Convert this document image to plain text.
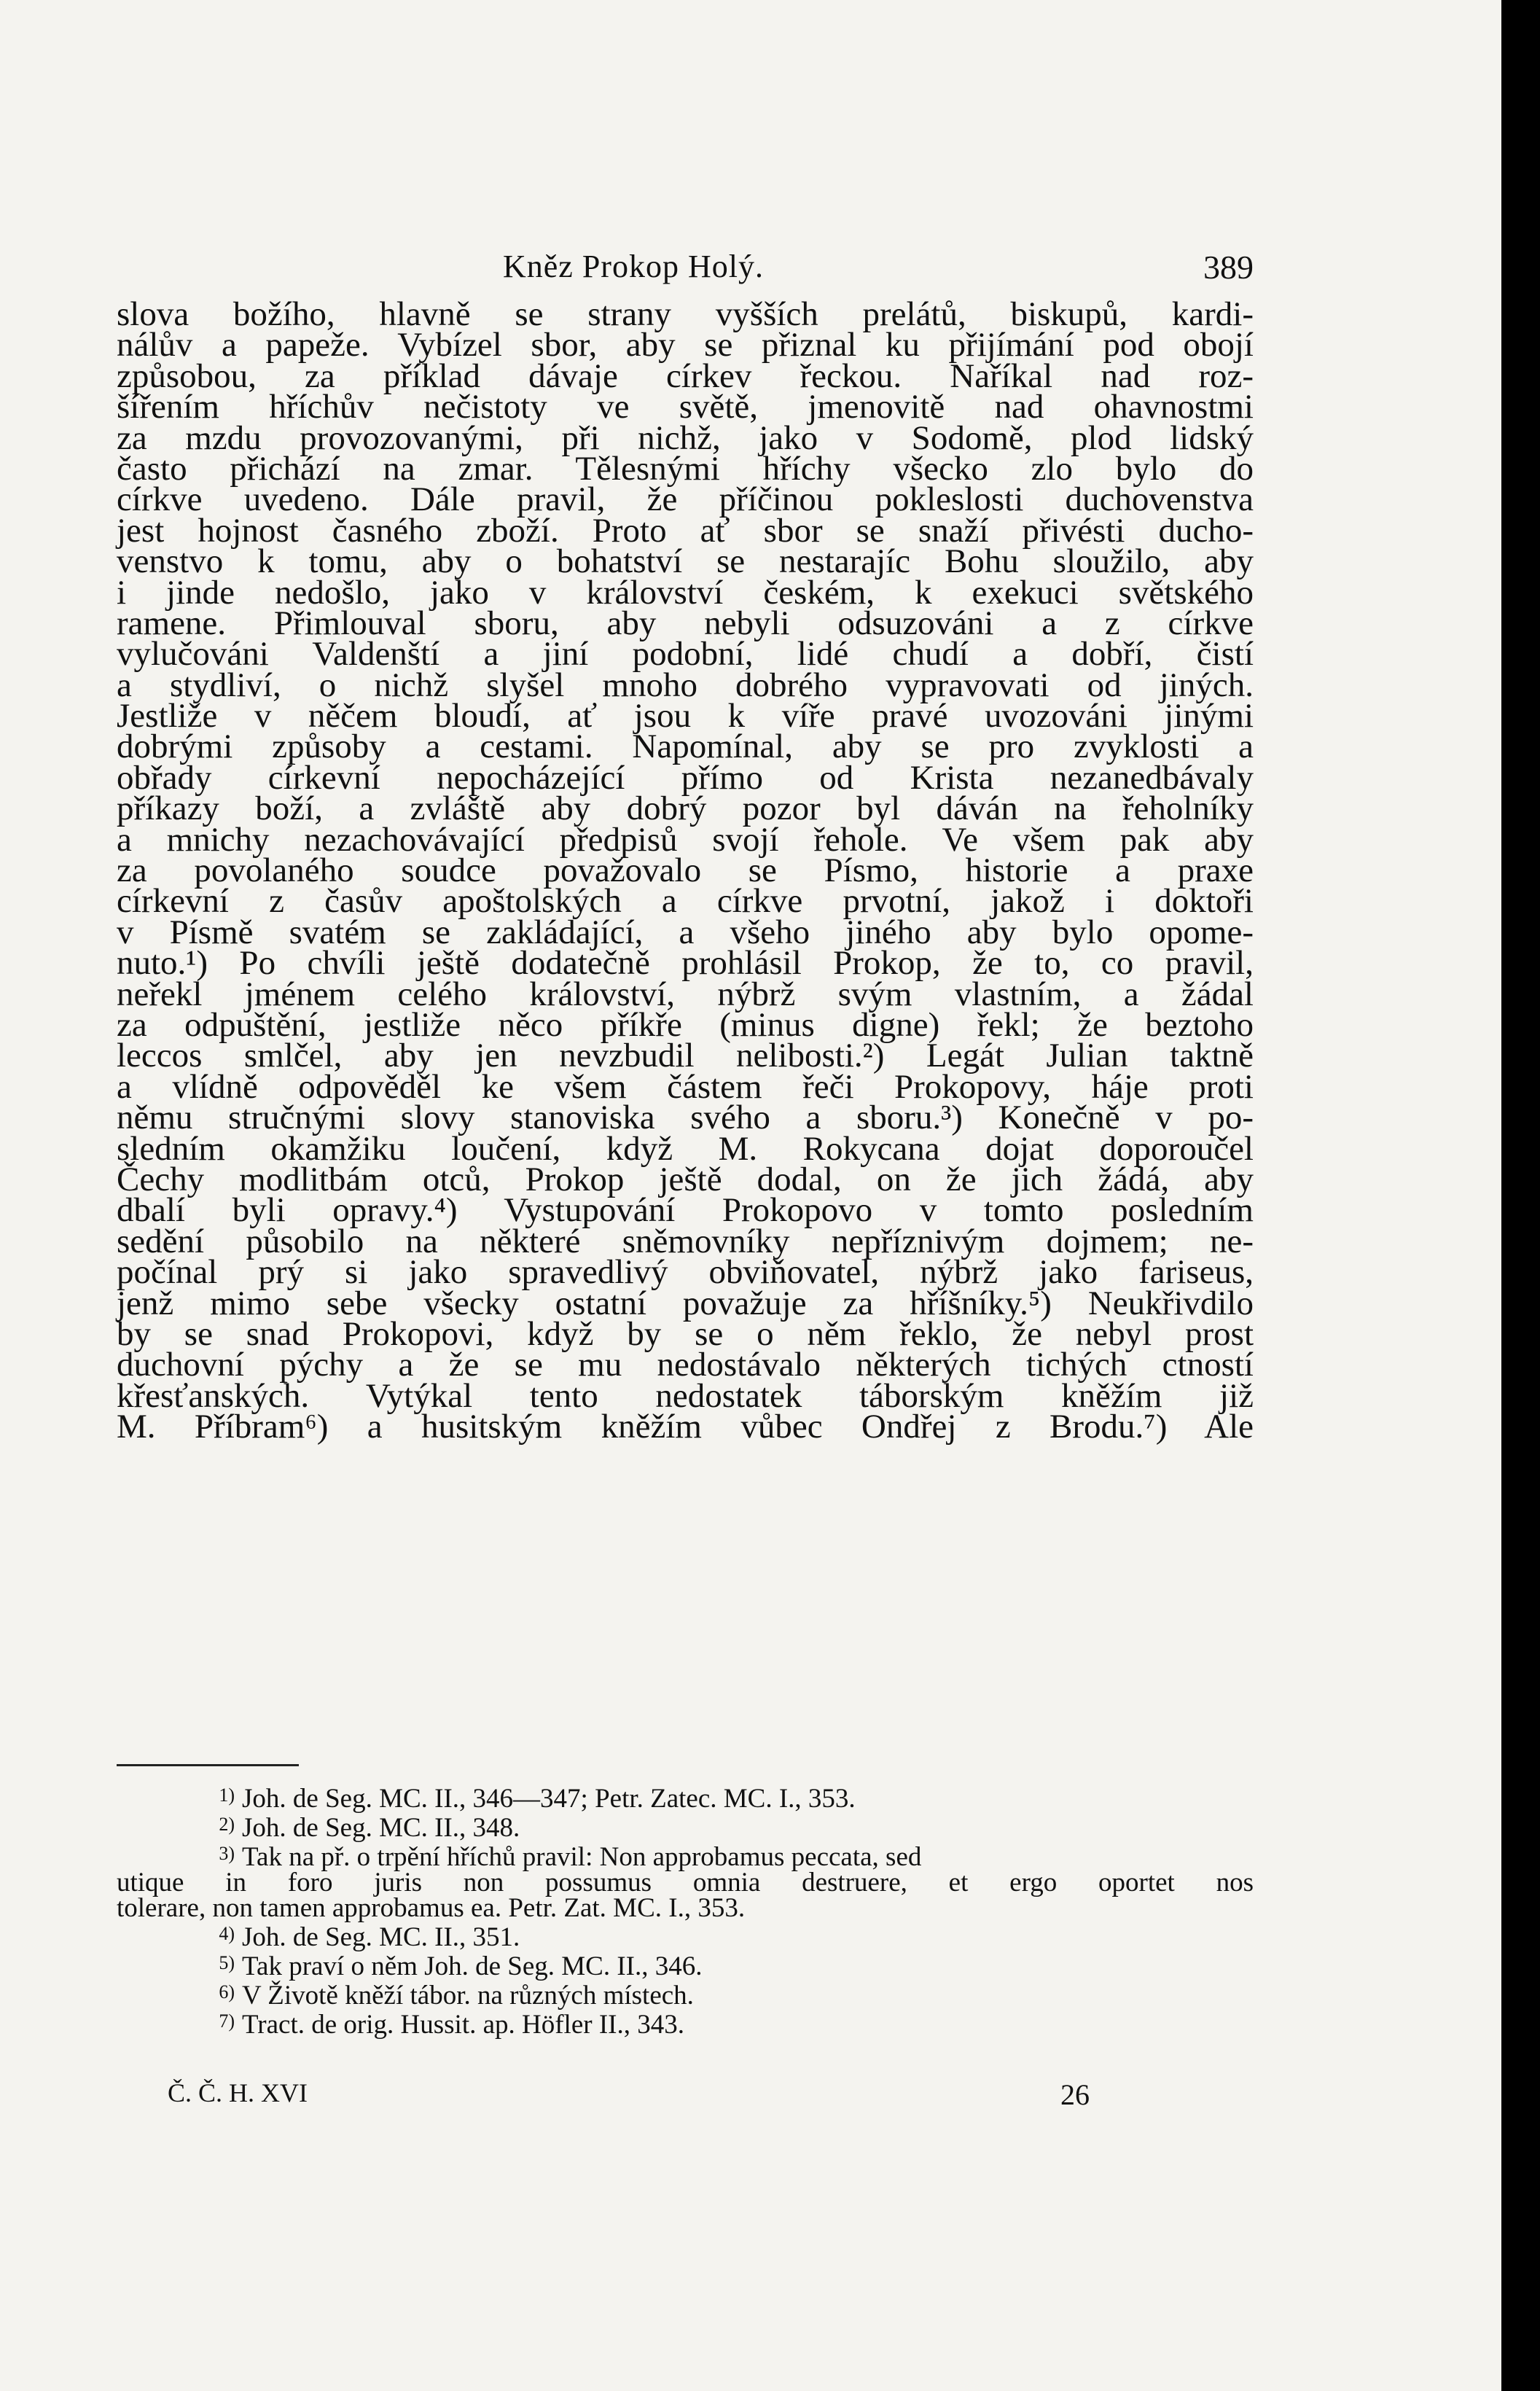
Kněz Prokop Holý.	389
slova božího, hlavně se strany vyšších prelátů, biskupů, kardi-
nálův a papeže. Vybízel sbor, aby se přiznal ku přijímání pod obojí
způsobou, za příklad dávaje církev řeckou. Naříkal nad roz-
šířením hříchův nečistoty ve světě, jmenovitě nad ohavnostmi
za mzdu provozovanými, při nichž, jako v Sodomě, plod lidský
často přichází na zmar. Tělesnými hříchy všecko zlo bylo do
církve uvedeno. Dále pravil, že příčinou pokleslosti duchovenstva
jest hojnost časného zboží. Proto ať sbor se snaží přivésti ducho-
venstvo k tomu, aby o bohatství se nestarajíc Bohu sloužilo, aby
i jinde nedošlo, jako v království českém, k exekuci světského
ramene. Přimlouval sboru, aby nebyli odsuzováni a z církve
vylučováni Valdenští a jiní podobní, lidé chudí a dobří, čistí
a stydliví, o nichž slyšel mnoho dobrého vypravovati od jiných.
Jestliže v něčem bloudí, ať jsou k víře pravé uvozováni jinými
dobrými způsoby a cestami. Napomínal, aby se pro zvyklosti a
obřady církevní nepocházející přímo od Krista nezanedbávaly
příkazy boží, a zvláště aby dobrý pozor byl dáván na řeholníky
a mnichy nezachovávající předpisů svojí řehole. Ve všem pak aby
za povolaného soudce považovalo se Písmo, historie a praxe
církevní z časův apoštolských a církve prvotní, jakož i doktoři
v Písmě svatém se zakládající, a všeho jiného aby bylo opome-
nuto.¹) Po chvíli ještě dodatečně prohlásil Prokop, že to, co pravil,
neřekl jménem celého království, nýbrž svým vlastním, a žádal
za odpuštění, jestliže něco příkře (minus digne) řekl; že beztoho
leccos smlčel, aby jen nevzbudil nelibosti.²) Legát Julian taktně
a vlídně odpověděl ke všem částem řeči Prokopovy, háje proti
němu stručnými slovy stanoviska svého a sboru.³) Konečně v po-
sledním okamžiku loučení, když M. Rokycana dojat doporoučel
Čechy modlitbám otců, Prokop ještě dodal, on že jich žádá, aby
dbalí byli opravy.⁴) Vystupování Prokopovo v tomto posledním
sedění působilo na některé sněmovníky nepříznivým dojmem; ne-
počínal prý si jako spravedlivý obviňovatel, nýbrž jako fariseus,
jenž mimo sebe všecky ostatní považuje za hříšníky.⁵) Neukřivdilo
by se snad Prokopovi, když by se o něm řeklo, že nebyl prost
duchovní pýchy a že se mu nedostávalo některých tichých ctností
křesťanských. Vytýkal tento nedostatek táborským kněžím již
M. Příbram⁶) a husitským kněžím vůbec Ondřej z Brodu.⁷) Ale
1) Joh. de Seg. MC. II., 346—347; Petr. Zatec. MC. I., 353.
2) Joh. de Seg. MC. II., 348.
3) Tak na př. o trpění hříchů pravil: Non approbamus peccata, sed
utique in foro juris non possumus omnia destruere, et ergo oportet nos
tolerare, non tamen approbamus ea. Petr. Zat. MC. I., 353.
4) Joh. de Seg. MC. II., 351.
5) Tak praví o něm Joh. de Seg. MC. II., 346.
6) V Životě kněží tábor. na různých místech.
7) Tract. de orig. Hussit. ap. Höfler II., 343.
Č. Č. H. XVI	26
